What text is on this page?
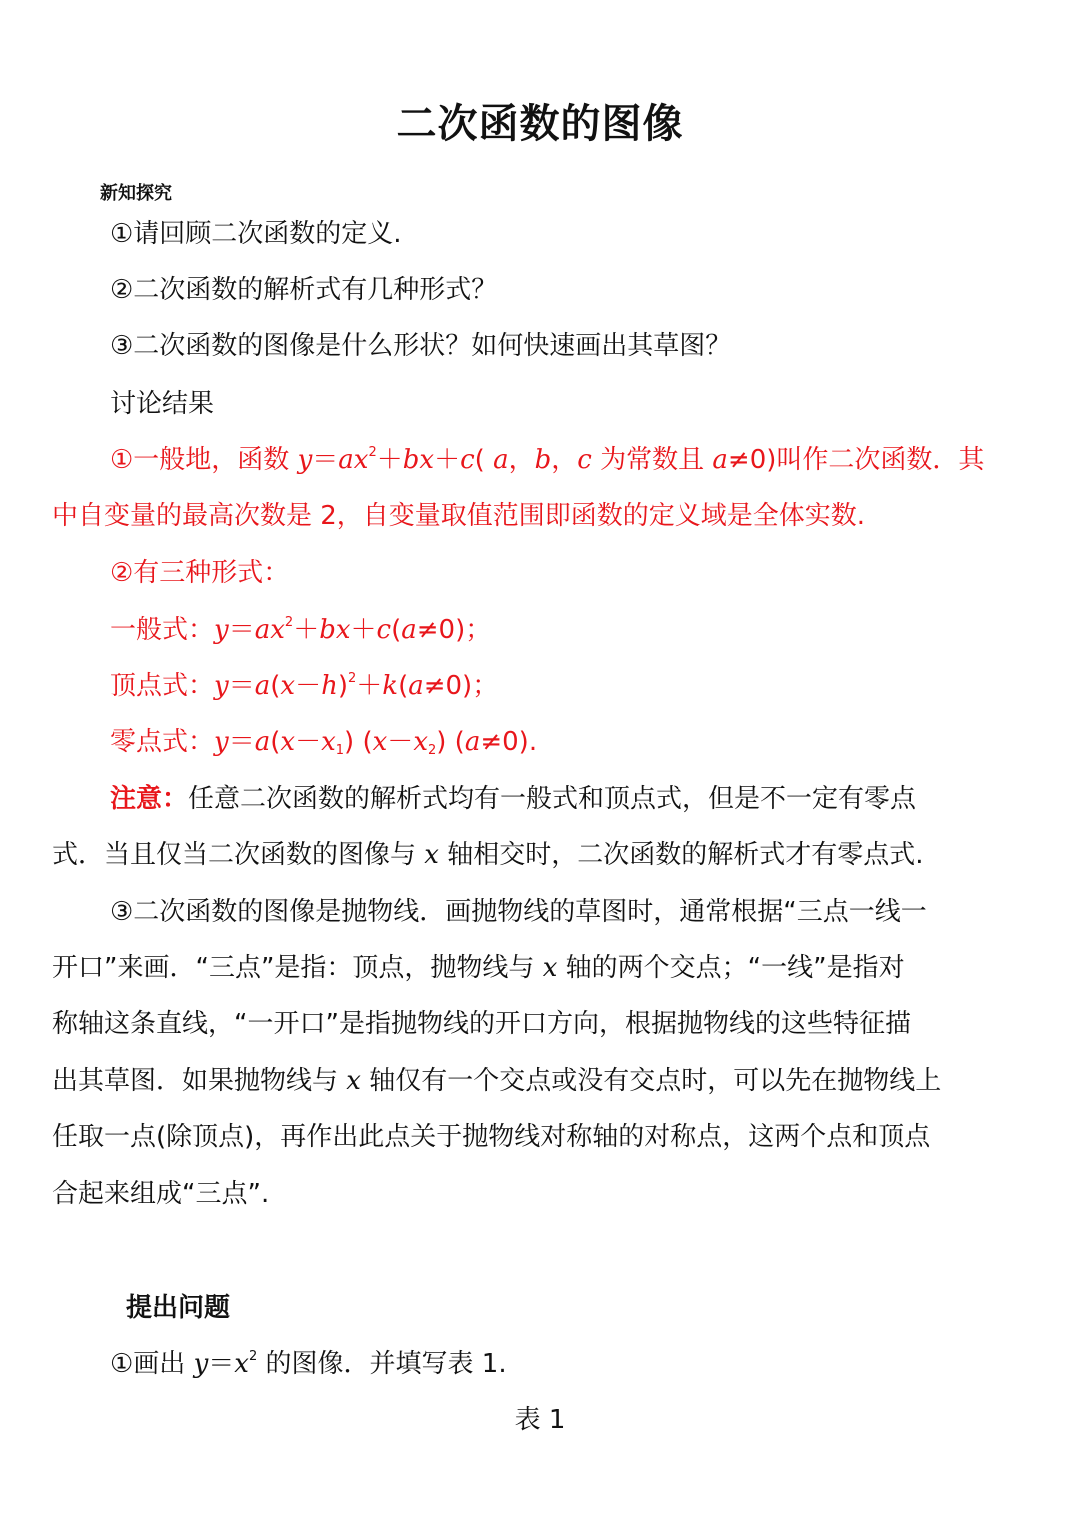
二次函数的图像
新知探究
①请回顾二次函数的定义.
②二次函数的解析式有几种形式？
③二次函数的图像是什么形状？如何快速画出其草图？
讨论结果
①一般地，函数 $y=ax^2+bx+c$( a，b，c 为常数且 a≠0)叫作二次函数．其
中自变量的最高次数是 2，自变量取值范围即函数的定义域是全体实数.
②有三种形式：
一般式：$y=ax^2+bx+c(a\ne 0)$；
顶点式：$y=a(x-h)^2+k(a\ne 0)$；
零点式：$y=a(x-x_1)$ $(x-x_2)$ (a≠0).
注意：任意二次函数的解析式均有一般式和顶点式，但是不一定有零点
式．当且仅当二次函数的图像与 x 轴相交时，二次函数的解析式才有零点式.
③二次函数的图像是抛物线．画抛物线的草图时，通常根据“三点一线一
开口”来画．“三点”是指：顶点，抛物线与 x 轴的两个交点；“一线”是指对
称轴这条直线，“一开口”是指抛物线的开口方向，根据抛物线的这些特征描
出其草图．如果抛物线与 x 轴仅有一个交点或没有交点时，可以先在抛物线上
任取一点(除顶点)，再作出此点关于抛物线对称轴的对称点，这两个点和顶点
合起来组成“三点”.
提出问题
①画出 $y=x^2$ 的图像．并填写表 1.
表 1
